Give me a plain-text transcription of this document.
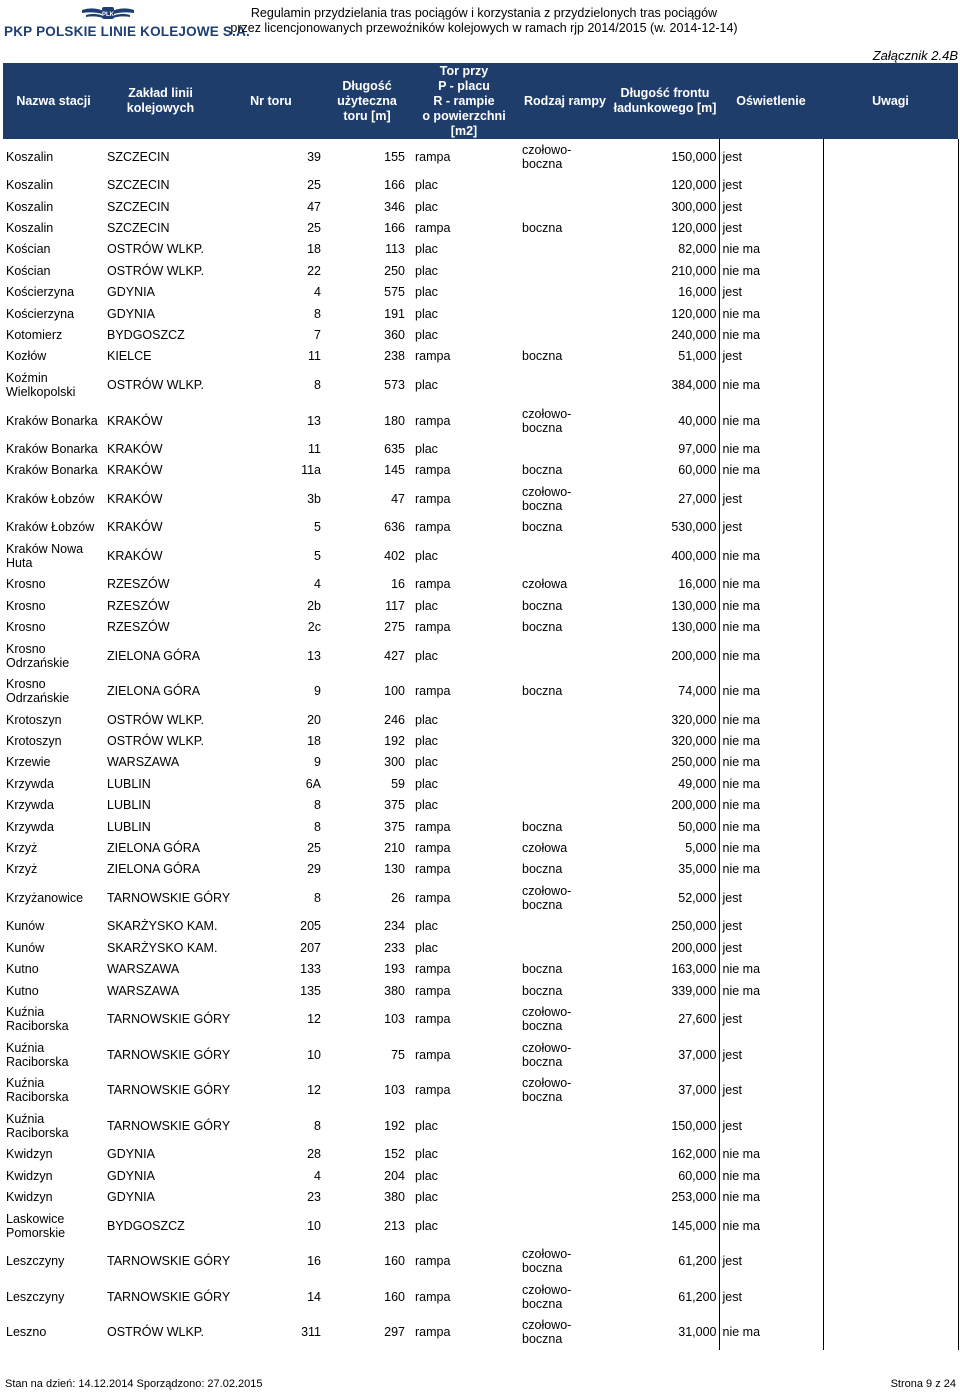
PLK
PKP POLSKIE LINIE KOLEJOWE S.A.
Regulamin przydzielania tras pociągów i korzystania z przydzielonych tras pociągów
przez licencjonowanych przewoźników kolejowych w ramach rjp 2014/2015 (w. 2014-12-14)
Załącznik 2.4B
Nazwa stacji	Zakład linii kolejowych	Nr toru	Długość użyteczna toru [m]	Tor przy
P - placu
R - rampie
o powierzchni
[m2]	Rodzaj rampy	Długość frontu ładunkowego [m]	Oświetlenie	Uwagi
Koszalin	SZCZECIN	39	155	rampa	czołowo-boczna	150,000	jest	
Koszalin	SZCZECIN	25	166	plac		120,000	jest	
Koszalin	SZCZECIN	47	346	plac		300,000	jest	
Koszalin	SZCZECIN	25	166	rampa	boczna	120,000	jest	
Kościan	OSTRÓW WLKP.	18	113	plac		82,000	nie ma	
Kościan	OSTRÓW WLKP.	22	250	plac		210,000	nie ma	
Kościerzyna	GDYNIA	4	575	plac		16,000	jest	
Kościerzyna	GDYNIA	8	191	plac		120,000	nie ma	
Kotomierz	BYDGOSZCZ	7	360	plac		240,000	nie ma	
Kozłów	KIELCE	11	238	rampa	boczna	51,000	jest	
Koźmin Wielkopolski	OSTRÓW WLKP.	8	573	plac		384,000	nie ma	
Kraków Bonarka	KRAKÓW	13	180	rampa	czołowo-boczna	40,000	nie ma	
Kraków Bonarka	KRAKÓW	11	635	plac		97,000	nie ma	
Kraków Bonarka	KRAKÓW	11a	145	rampa	boczna	60,000	nie ma	
Kraków Łobzów	KRAKÓW	3b	47	rampa	czołowo-boczna	27,000	jest	
Kraków Łobzów	KRAKÓW	5	636	rampa	boczna	530,000	jest	
Kraków Nowa Huta	KRAKÓW	5	402	plac		400,000	nie ma	
Krosno	RZESZÓW	4	16	rampa	czołowa	16,000	nie ma	
Krosno	RZESZÓW	2b	117	plac	boczna	130,000	nie ma	
Krosno	RZESZÓW	2c	275	rampa	boczna	130,000	nie ma	
Krosno Odrzańskie	ZIELONA GÓRA	13	427	plac		200,000	nie ma	
Krosno Odrzańskie	ZIELONA GÓRA	9	100	rampa	boczna	74,000	nie ma	
Krotoszyn	OSTRÓW WLKP.	20	246	plac		320,000	nie ma	
Krotoszyn	OSTRÓW WLKP.	18	192	plac		320,000	nie ma	
Krzewie	WARSZAWA	9	300	plac		250,000	nie ma	
Krzywda	LUBLIN	6A	59	plac		49,000	nie ma	
Krzywda	LUBLIN	8	375	plac		200,000	nie ma	
Krzywda	LUBLIN	8	375	rampa	boczna	50,000	nie ma	
Krzyż	ZIELONA GÓRA	25	210	rampa	czołowa	5,000	nie ma	
Krzyż	ZIELONA GÓRA	29	130	rampa	boczna	35,000	nie ma	
Krzyżanowice	TARNOWSKIE GÓRY	8	26	rampa	czołowo-boczna	52,000	jest	
Kunów	SKARŻYSKO KAM.	205	234	plac		250,000	jest	
Kunów	SKARŻYSKO KAM.	207	233	plac		200,000	jest	
Kutno	WARSZAWA	133	193	rampa	boczna	163,000	nie ma	
Kutno	WARSZAWA	135	380	rampa	boczna	339,000	nie ma	
Kuźnia Raciborska	TARNOWSKIE GÓRY	12	103	rampa	czołowo-boczna	27,600	jest	
Kuźnia Raciborska	TARNOWSKIE GÓRY	10	75	rampa	czołowo-boczna	37,000	jest	
Kuźnia Raciborska	TARNOWSKIE GÓRY	12	103	rampa	czołowo-boczna	37,000	jest	
Kuźnia Raciborska	TARNOWSKIE GÓRY	8	192	plac		150,000	jest	
Kwidzyn	GDYNIA	28	152	plac		162,000	nie ma	
Kwidzyn	GDYNIA	4	204	plac		60,000	nie ma	
Kwidzyn	GDYNIA	23	380	plac		253,000	nie ma	
Laskowice Pomorskie	BYDGOSZCZ	10	213	plac		145,000	nie ma	
Leszczyny	TARNOWSKIE GÓRY	16	160	rampa	czołowo-boczna	61,200	jest	
Leszczyny	TARNOWSKIE GÓRY	14	160	rampa	czołowo-boczna	61,200	jest	
Leszno	OSTRÓW WLKP.	311	297	rampa	czołowo-boczna	31,000	nie ma	
Stan na dzień: 14.12.2014 Sporządzono: 27.02.2015	Strona 9 z 24
